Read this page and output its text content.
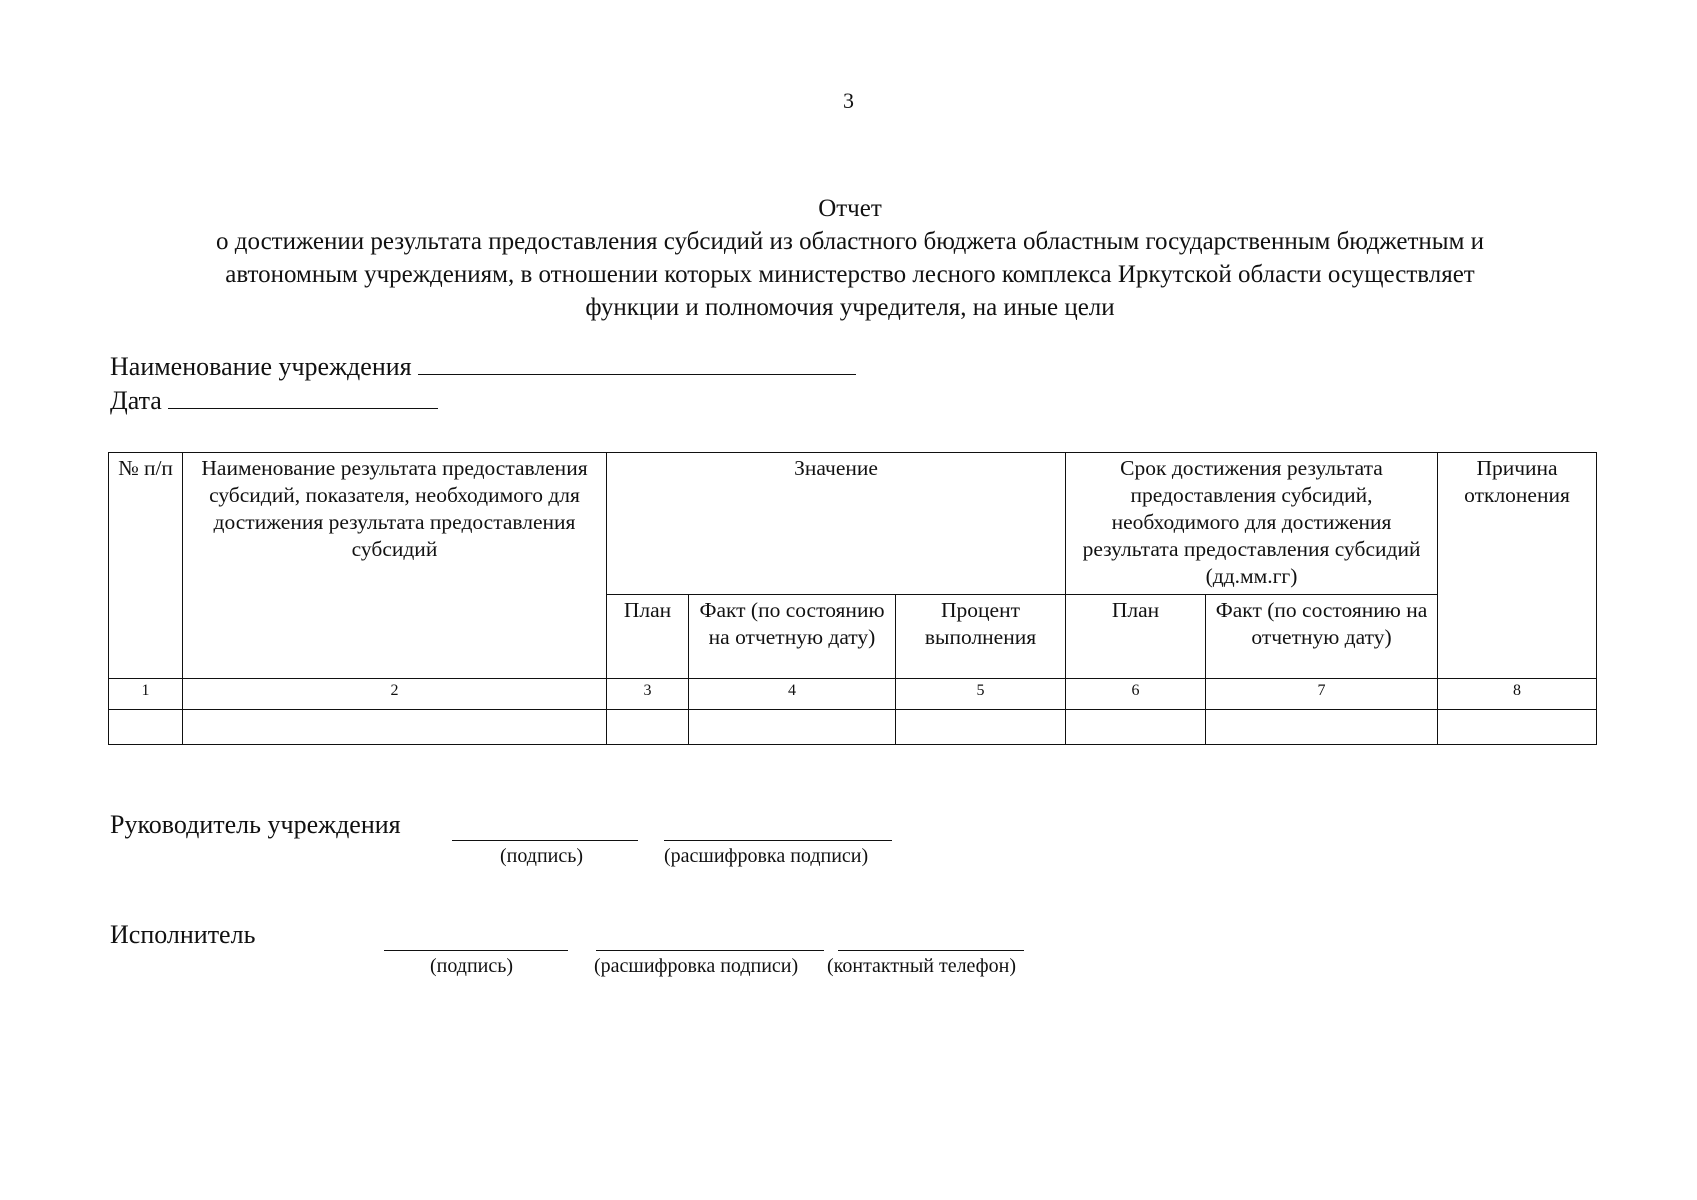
3
Отчет
о достижении результата предоставления субсидий из областного бюджета областным государственным бюджетным и
автономным учреждениям, в отношении которых министерство лесного комплекса Иркутской области осуществляет
функции и полномочия учредителя, на иные цели
Наименование учреждения
Дата
№ п/п	Наименование результата предоставления субсидий, показателя, необходимого для достижения результата предоставления субсидий	Значение			Срок достижения результата предоставления субсидий, необходимого для достижения результата предоставления субсидий (дд.мм.гг)		Причина отклонения
		План	Факт (по состоянию на отчетную дату)	Процент выполнения	План	Факт (по состоянию на отчетную дату)	
1	2	3	4	5	6	7	8

Руководитель учреждения
(подпись)	(расшифровка подписи)
Исполнитель
(подпись)	(расшифровка подписи) (контактный телефон)
